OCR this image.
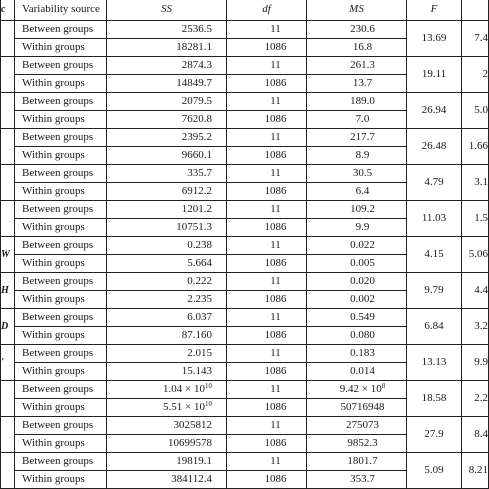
c	Variability source	SS	df	MS	F	
	Between groups	2536.5	11	230.6	13.69	7.4
	Within groups	18281.1	1086	16.8		
	Between groups	2874.3	11	261.3	19.11	2
	Within groups	14849.7	1086	13.7		
	Between groups	2079.5	11	189.0	26.94	5.0
	Within groups	7620.8	1086	7.0		
	Between groups	2395.2	11	217.7	26.48	1.66
	Within groups	9660.1	1086	8.9		
	Between groups	335.7	11	30.5	4.79	3.1
	Within groups	6912.2	1086	6.4		
	Between groups	1201.2	11	109.2	11.03	1.5
	Within groups	10751.3	1086	9.9		
W	Between groups	0.238	11	0.022	4.15	5.06
	Within groups	5.664	1086	0.005		
H	Between groups	0.222	11	0.020	9.79	4.4
	Within groups	2.235	1086	0.002		
D	Between groups	6.037	11	0.549	6.84	3.2
	Within groups	87.160	1086	0.080		
'	Between groups	2.015	11	0.183	13.13	9.9
	Within groups	15.143	1086	0.014		
	Between groups	$1.04 \times 10^{10}$	11	$9.42 \times 10^8$	18.58	2.2
	Within groups	$5.51 \times 10^{10}$	1086	50716948		
	Between groups	3025812	11	275073	27.9	8.4
	Within groups	10699578	1086	9852.3		
	Between groups	19819.1	11	1801.7	5.09	8.21
	Within groups	384112.4	1086	353.7		
